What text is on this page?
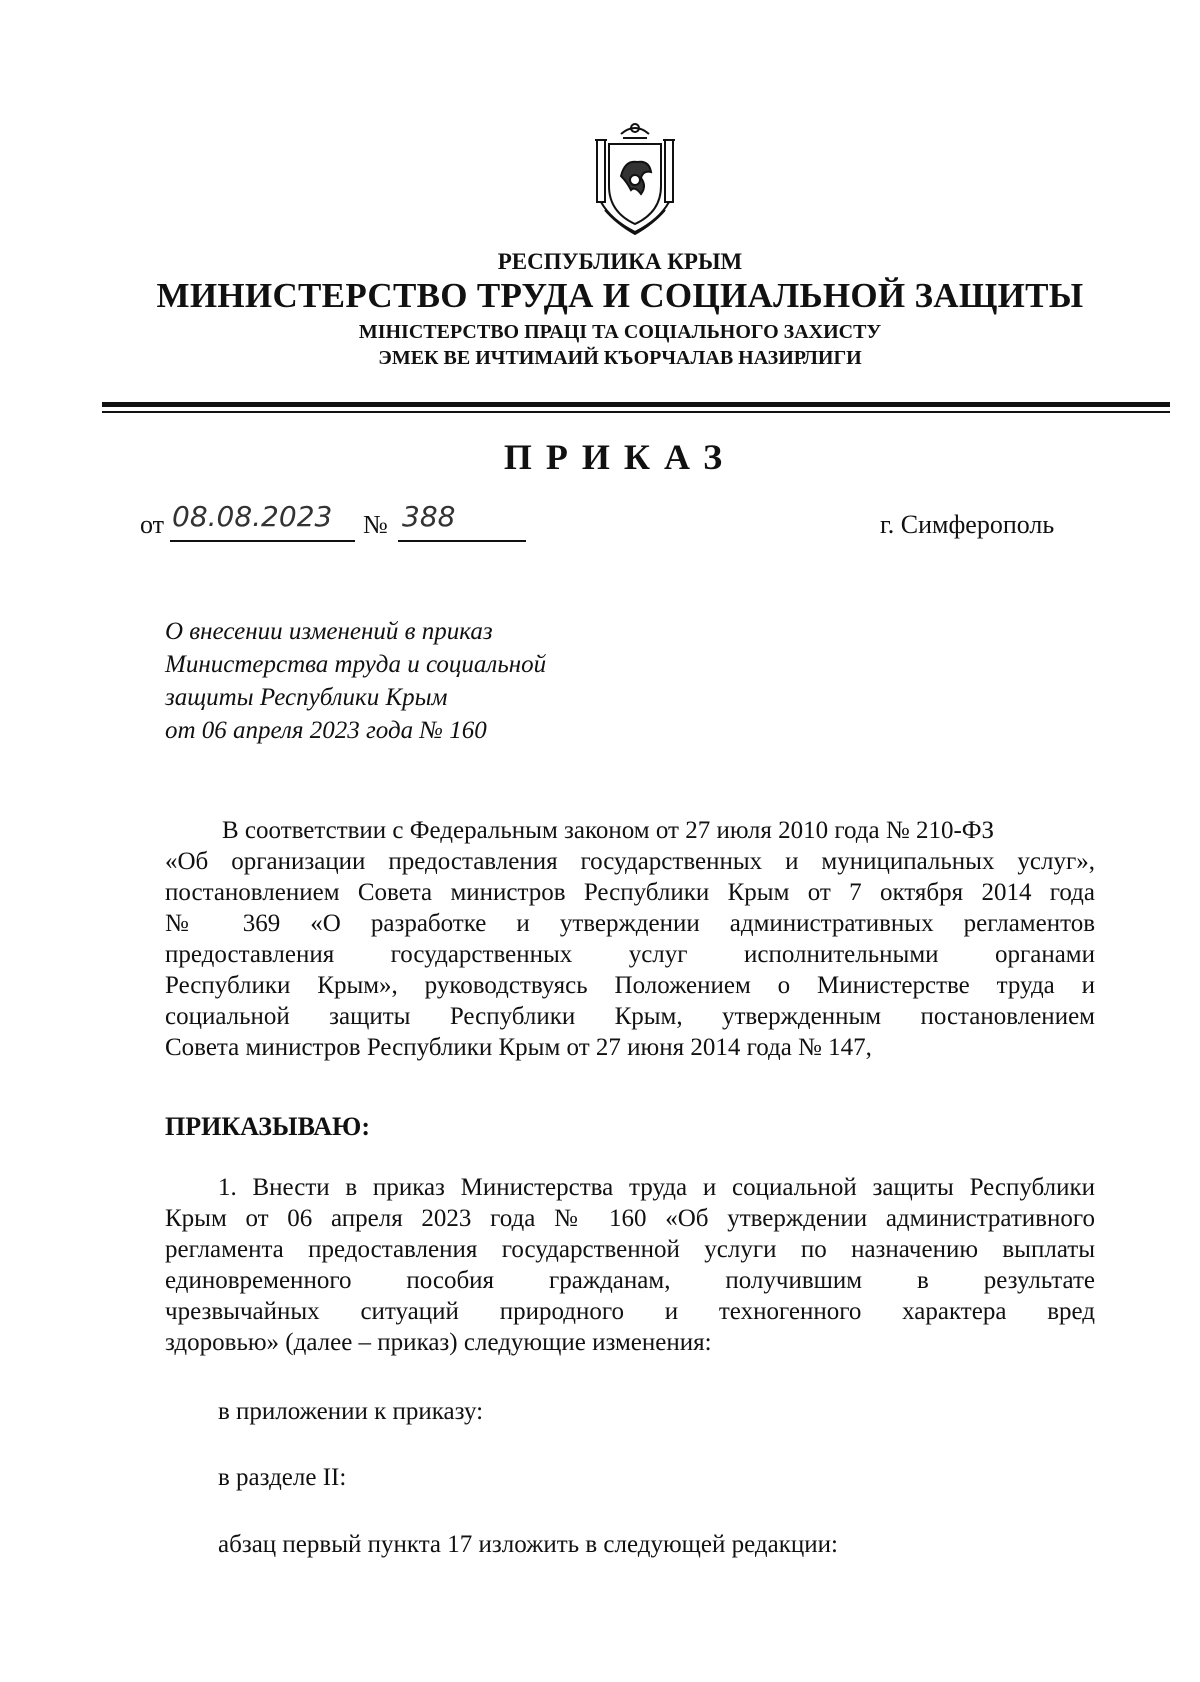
РЕСПУБЛИКА КРЫМ
МИНИСТЕРСТВО ТРУДА И СОЦИАЛЬНОЙ ЗАЩИТЫ
МІНІСТЕРСТВО ПРАЦІ ТА СОЦІАЛЬНОГО ЗАХИСТУ
ЭМЕК ВЕ ИЧТИМАИЙ КЪОРЧАЛАВ НАЗИРЛИГИ
ПРИКАЗ
от 08.08.2023 № 388	г. Симферополь
О внесении изменений в приказ
Министерства труда и социальной
защиты Республики Крым
от 06 апреля 2023 года № 160
В соответствии с Федеральным законом от 27 июля 2010 года № 210-ФЗ
«Об организации предоставления государственных и муниципальных услуг»,
постановлением Совета министров Республики Крым от 7 октября 2014 года
№ 369 «О разработке и утверждении административных регламентов
предоставления государственных услуг исполнительными органами
Республики Крым», руководствуясь Положением о Министерстве труда и
социальной защиты Республики Крым, утвержденным постановлением
Совета министров Республики Крым от 27 июня 2014 года № 147,
ПРИКАЗЫВАЮ:
1. Внести в приказ Министерства труда и социальной защиты Республики
Крым от 06 апреля 2023 года № 160 «Об утверждении административного
регламента предоставления государственной услуги по назначению выплаты
единовременного пособия гражданам, получившим в результате
чрезвычайных ситуаций природного и техногенного характера вред
здоровью» (далее – приказ) следующие изменения:
в приложении к приказу:
в разделе II:
абзац первый пункта 17 изложить в следующей редакции:
